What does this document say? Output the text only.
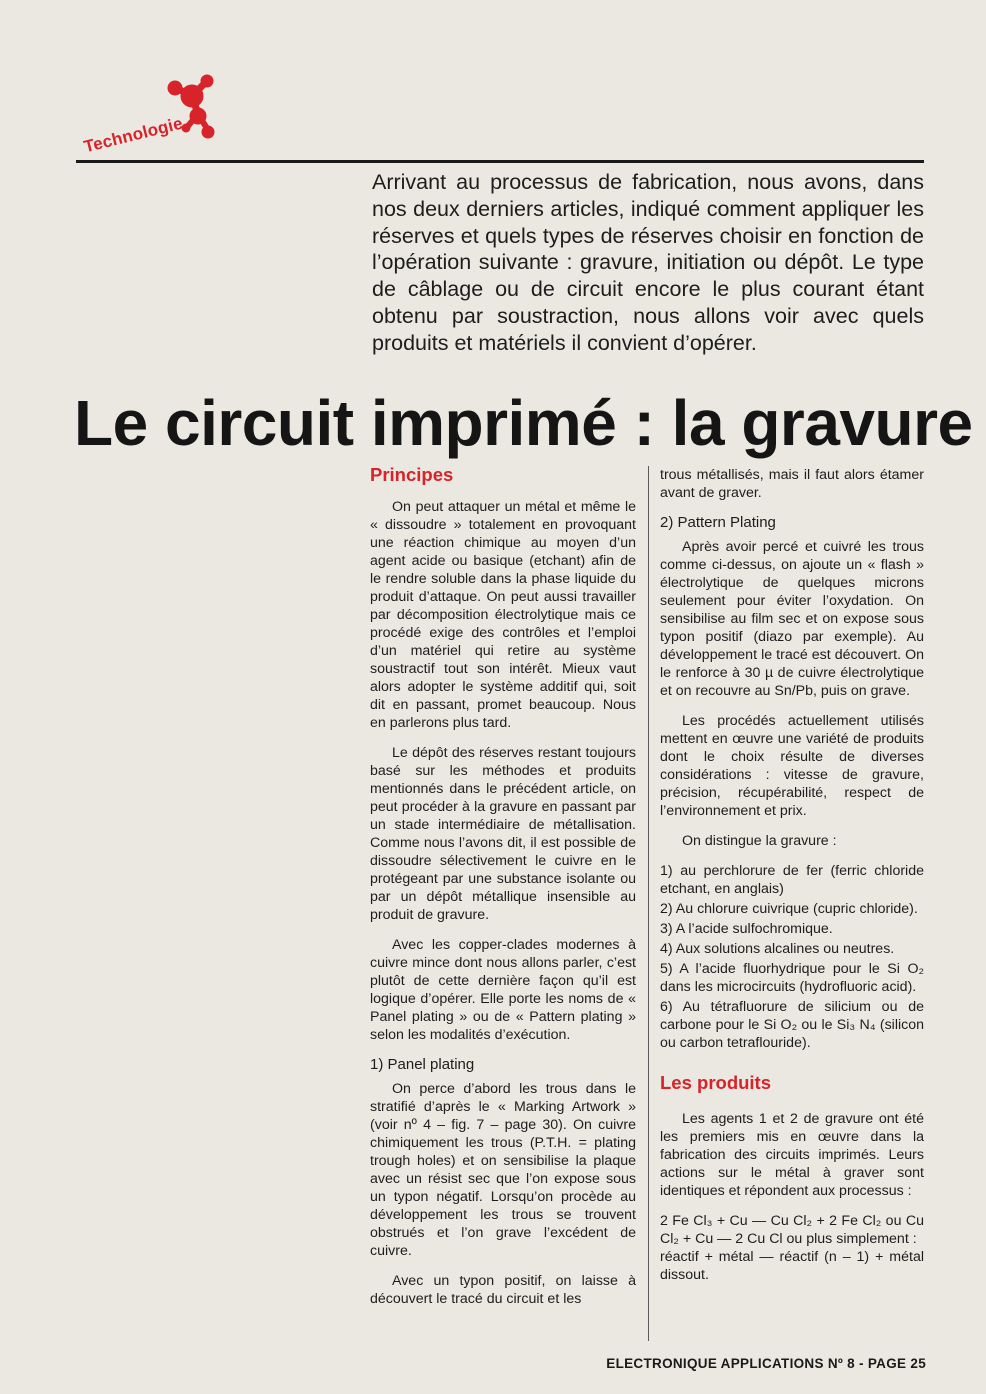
Technologie

Arrivant au processus de fabrication, nous avons, dans nos deux derniers articles, indiqué comment appliquer les réserves et quels types de réserves choisir en fonction de l’opération suivante : gravure, initiation ou dépôt. Le type de câblage ou de circuit encore le plus courant étant obtenu par soustraction, nous allons voir avec quels produits et matériels il convient d’opérer.

Le circuit imprimé : la gravure
Principes

On peut attaquer un métal et même le « dissoudre » totalement en provoquant une réaction chimique au moyen d’un agent acide ou basique (etchant) afin de le rendre soluble dans la phase liquide du produit d’attaque. On peut aussi travailler par décomposition électrolytique mais ce procédé exige des contrôles et l’emploi d’un matériel qui retire au système soustractif tout son intérêt. Mieux vaut alors adopter le système additif qui, soit dit en passant, promet beaucoup. Nous en parlerons plus tard.

Le dépôt des réserves restant toujours basé sur les méthodes et produits mentionnés dans le précédent article, on peut procéder à la gravure en passant par un stade intermédiaire de métallisation. Comme nous l’avons dit, il est possible de dissoudre sélectivement le cuivre en le protégeant par une substance isolante ou par un dépôt métallique insensible au produit de gravure.

Avec les copper-clades modernes à cuivre mince dont nous allons parler, c’est plutôt de cette dernière façon qu’il est logique d’opérer. Elle porte les noms de « Panel plating » ou de « Pattern plating » selon les modalités d’exécution.

1) Panel plating

On perce d’abord les trous dans le stratifié d’après le « Marking Artwork » (voir nº 4 – fig. 7 – page 30). On cuivre chimiquement les trous (P.T.H. = plating trough holes) et on sensibilise la plaque avec un résist sec que l’on expose sous un typon négatif. Lorsqu’on procède au développement les trous se trouvent obstrués et l’on grave l’excédent de cuivre.

Avec un typon positif, on laisse à découvert le tracé du circuit et les

trous métallisés, mais il faut alors étamer avant de graver.

2) Pattern Plating

Après avoir percé et cuivré les trous comme ci-dessus, on ajoute un « flash » électrolytique de quelques microns seulement pour éviter l’oxydation. On sensibilise au film sec et on expose sous typon positif (diazo par exemple). Au développement le tracé est découvert. On le renforce à 30 µ de cuivre électrolytique et on recouvre au Sn/Pb, puis on grave.

Les procédés actuellement utilisés mettent en œuvre une variété de produits dont le choix résulte de diverses considérations : vitesse de gravure, précision, récupérabilité, respect de l’environnement et prix.

On distingue la gravure :

1) au perchlorure de fer (ferric chloride etchant, en anglais)

2) Au chlorure cuivrique (cupric chloride).

3) A l’acide sulfochromique.

4) Aux solutions alcalines ou neutres.

5) A l’acide fluorhydrique pour le Si O₂ dans les microcircuits (hydrofluoric acid).

6) Au tétrafluorure de silicium ou de carbone pour le Si O₂ ou le Si₃ N₄ (silicon ou carbon tetraflouride).

Les produits

Les agents 1 et 2 de gravure ont été les premiers mis en œuvre dans la fabrication des circuits imprimés. Leurs actions sur le métal à graver sont identiques et répondent aux processus :

2 Fe Cl₃ + Cu — Cu Cl₂ + 2 Fe Cl₂ ou Cu Cl₂ + Cu — 2 Cu Cl ou plus simplement :

réactif + métal — réactif (n – 1) + métal dissout.

ELECTRONIQUE APPLICATIONS Nº 8 - PAGE 25
